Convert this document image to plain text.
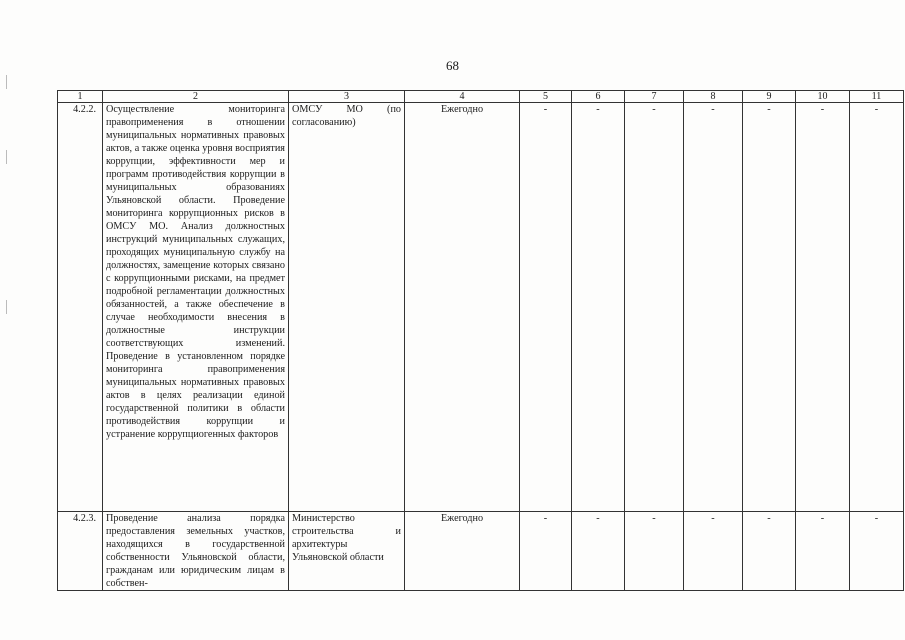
68
1	2	3	4	5	6	7	8	9	10	11
4.2.2.	Осуществление мониторинга правоприменения в отношении муниципальных нормативных правовых актов, а также оценка уровня восприятия коррупции, эффективности мер и программ противодействия коррупции в муниципальных образованиях Ульяновской области. Проведение мониторинга коррупционных рисков в ОМСУ МО. Анализ должностных инструкций муниципальных служащих, проходящих муниципальную службу на должностях, замещение которых связано с коррупционными рисками, на предмет подробной регламентации должностных обязанностей, а также обеспечение в случае необходимости внесения в должностные инструкции соответствующих изменений. Проведение в установленном порядке мониторинга правоприменения муниципальных нормативных правовых актов в целях реализации единой государственной политики в области противодействия коррупции и устранение коррупциогенных факторов	ОМСУ МО (по согласованию)	Ежегодно	-	-	-	-	-	-	-
4.2.3.	Проведение анализа порядка предоставления земельных участков, находящихся в государственной собственности Ульяновской области, гражданам или юридическим лицам в собствен-	Министерство строительства и архитектуры Ульяновской области	Ежегодно	-	-	-	-	-	-	-
